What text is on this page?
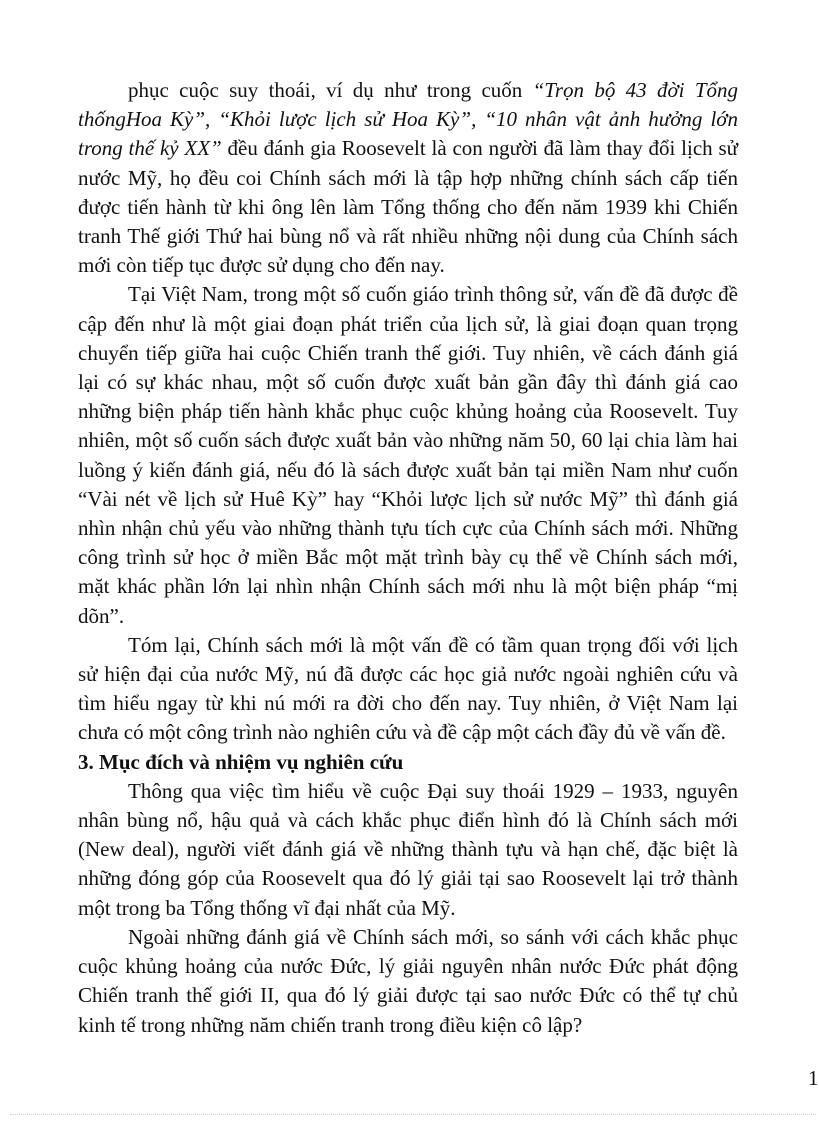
phục cuộc suy thoái, ví dụ như trong cuốn “Trọn bộ 43 đời Tổng thốngHoa Kỳ”, “Khỏi lược lịch sử Hoa Kỳ”, “10 nhân vật ảnh hưởng lớn trong thế kỷ XX” đều đánh gia Roosevelt là con người đã làm thay đổi lịch sử nước Mỹ, họ đều coi Chính sách mới là tập hợp những chính sách cấp tiến được tiến hành từ khi ông lên làm Tổng thống cho đến năm 1939 khi Chiến tranh Thế giới Thứ hai bùng nổ và rất nhiều những nội dung của Chính sách mới còn tiếp tục được sử dụng cho đến nay.

Tại Việt Nam, trong một số cuốn giáo trình thông sử, vấn đề đã được đề cập đến như là một giai đoạn phát triển của lịch sử, là giai đoạn quan trọng chuyển tiếp giữa hai cuộc Chiến tranh thế giới. Tuy nhiên, về cách đánh giá lại có sự khác nhau, một số cuốn được xuất bản gần đây thì đánh giá cao những biện pháp tiến hành khắc phục cuộc khủng hoảng của Roosevelt. Tuy nhiên, một số cuốn sách được xuất bản vào những năm 50, 60 lại chia làm hai luồng ý kiến đánh giá, nếu đó là sách được xuất bản tại miền Nam như cuốn “Vài nét về lịch sử Huê Kỳ” hay “Khỏi lược lịch sử nước Mỹ” thì đánh giá nhìn nhận chủ yếu vào những thành tựu tích cực của Chính sách mới. Những công trình sử học ở miền Bắc một mặt trình bày cụ thể về Chính sách mới, mặt khác phần lớn lại nhìn nhận Chính sách mới nhu là một biện pháp “mị dõn”.

Tóm lại, Chính sách mới là một vấn đề có tầm quan trọng đối với lịch sử hiện đại của nước Mỹ, nú đã được các học giả nước ngoài nghiên cứu và tìm hiểu ngay từ khi nú mới ra đời cho đến nay. Tuy nhiên, ở Việt Nam lại chưa có một công trình nào nghiên cứu và đề cập một cách đầy đủ về vấn đề.

3. Mục đích và nhiệm vụ nghiên cứu

Thông qua việc tìm hiểu về cuộc Đại suy thoái 1929 – 1933, nguyên nhân bùng nổ, hậu quả và cách khắc phục điển hình đó là Chính sách mới (New deal), người viết đánh giá về những thành tựu và hạn chế, đặc biệt là những đóng góp của Roosevelt qua đó lý giải tại sao Roosevelt lại trở thành một trong ba Tổng thống vĩ đại nhất của Mỹ.

Ngoài những đánh giá về Chính sách mới, so sánh với cách khắc phục cuộc khủng hoảng của nước Đức, lý giải nguyên nhân nước Đức phát động Chiến tranh thế giới II, qua đó lý giải được tại sao nước Đức có thể tự chủ kinh tế trong những năm chiến tranh trong điều kiện cô lập?

1
